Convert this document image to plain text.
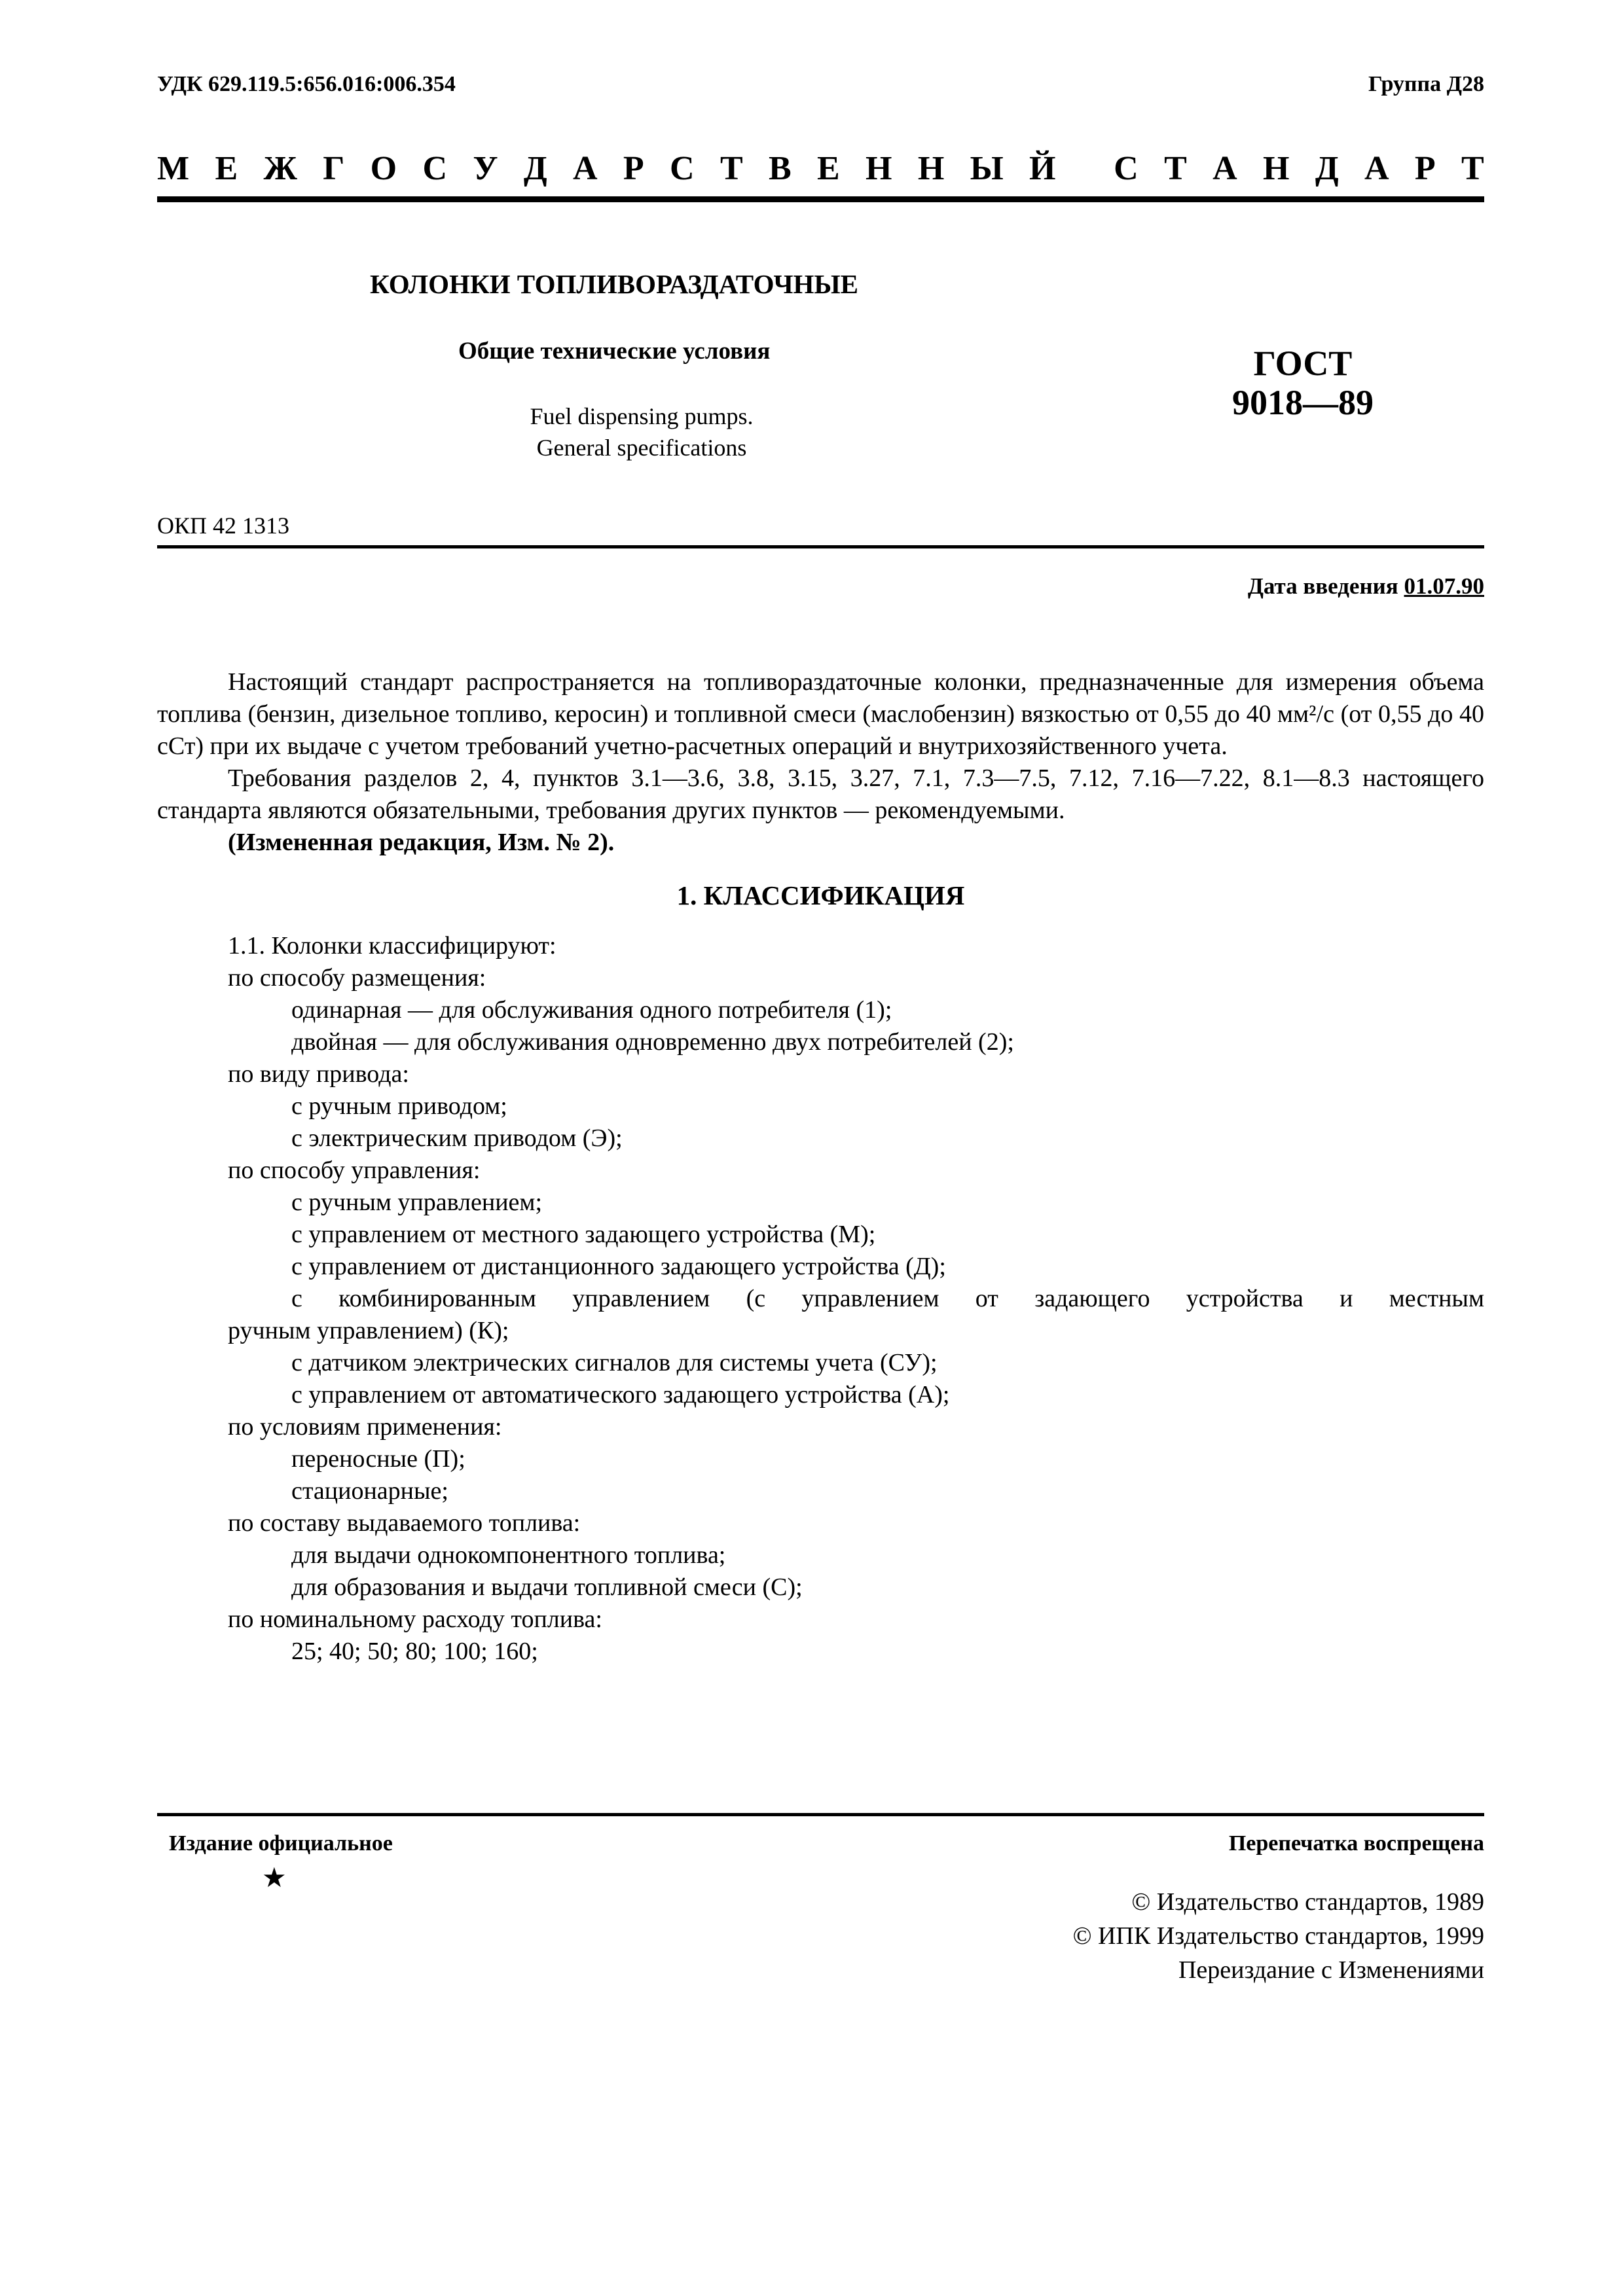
УДК 629.119.5:656.016:006.354	Группа Д28
М Е Ж Г О С У Д А Р С Т В Е Н Н Ы Й С Т А Н Д А Р Т
КОЛОНКИ ТОПЛИВОРАЗДАТОЧНЫЕ
Общие технические условия
Fuel dispensing pumps.
General specifications
ГОСТ
9018—89
ОКП 42 1313
Дата введения 01.07.90

Настоящий стандарт распространяется на топливораздаточные колонки, предназначенные для измерения объема топлива (бензин, дизельное топливо, керосин) и топливной смеси (маслобензин) вязкостью от 0,55 до 40 мм²/с (от 0,55 до 40 сСт) при их выдаче с учетом требований учетно-расчетных операций и внутрихозяйственного учета.

Требования разделов 2, 4, пунктов 3.1—3.6, 3.8, 3.15, 3.27, 7.1, 7.3—7.5, 7.12, 7.16—7.22, 8.1—8.3 настоящего стандарта являются обязательными, требования других пунктов — рекомендуемыми.

(Измененная редакция, Изм. № 2).

1. КЛАССИФИКАЦИЯ

1.1. Колонки классифицируют:
по способу размещения:
одинарная — для обслуживания одного потребителя (1);
двойная — для обслуживания одновременно двух потребителей (2);
по виду привода:
с ручным приводом;
с электрическим приводом (Э);
по способу управления:
с ручным управлением;
с управлением от местного задающего устройства (М);
с управлением от дистанционного задающего устройства (Д);
с комбинированным управлением (с управлением от задающего устройства и местным
ручным управлением) (К);
с датчиком электрических сигналов для системы учета (СУ);
с управлением от автоматического задающего устройства (А);
по условиям применения:
переносные (П);
стационарные;
по составу выдаваемого топлива:
для выдачи однокомпонентного топлива;
для образования и выдачи топливной смеси (С);
по номинальному расходу топлива:
25; 40; 50; 80; 100; 160;
Издание официальное
★
Перепечатка воспрещена
© Издательство стандартов, 1989
© ИПК Издательство стандартов, 1999
Переиздание с Изменениями
